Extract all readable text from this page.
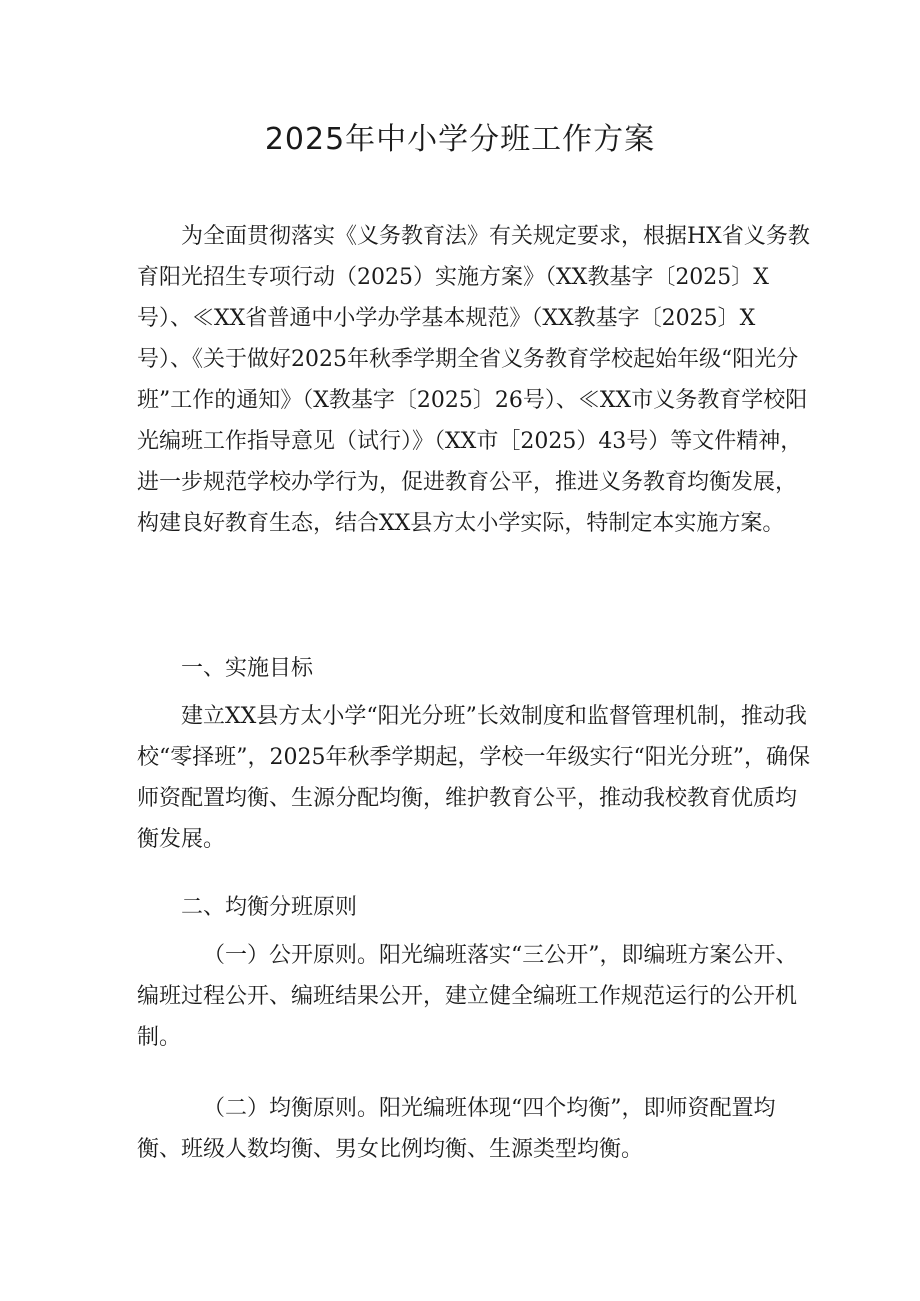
2025年中小学分班工作方案

为全面贯彻落实《义务教育法》有关规定要求，根据HX省义务教育阳光招生专项行动（2025）实施方案》（XX教基字〔2025〕X号）、≪XX省普通中小学办学基本规范》（XX教基字〔2025〕X号）、《关于做好2025年秋季学期全省义务教育学校起始年级“阳光分班”工作的通知》（X教基字〔2025〕26号）、≪XX市义务教育学校阳光编班工作指导意见（试行）》（XX市［2025）43号）等文件精神，进一步规范学校办学行为，促进教育公平，推进义务教育均衡发展，构建良好教育生态，结合XX县方太小学实际，特制定本实施方案。

一、实施目标

建立XX县方太小学“阳光分班”长效制度和监督管理机制，推动我校“零择班”，2025年秋季学期起，学校一年级实行“阳光分班”，确保师资配置均衡、生源分配均衡，维护教育公平，推动我校教育优质均衡发展。

二、均衡分班原则

（一）公开原则。阳光编班落实“三公开”，即编班方案公开、编班过程公开、编班结果公开，建立健全编班工作规范运行的公开机制。

（二）均衡原则。阳光编班体现“四个均衡”，即师资配置均衡、班级人数均衡、男女比例均衡、生源类型均衡。
